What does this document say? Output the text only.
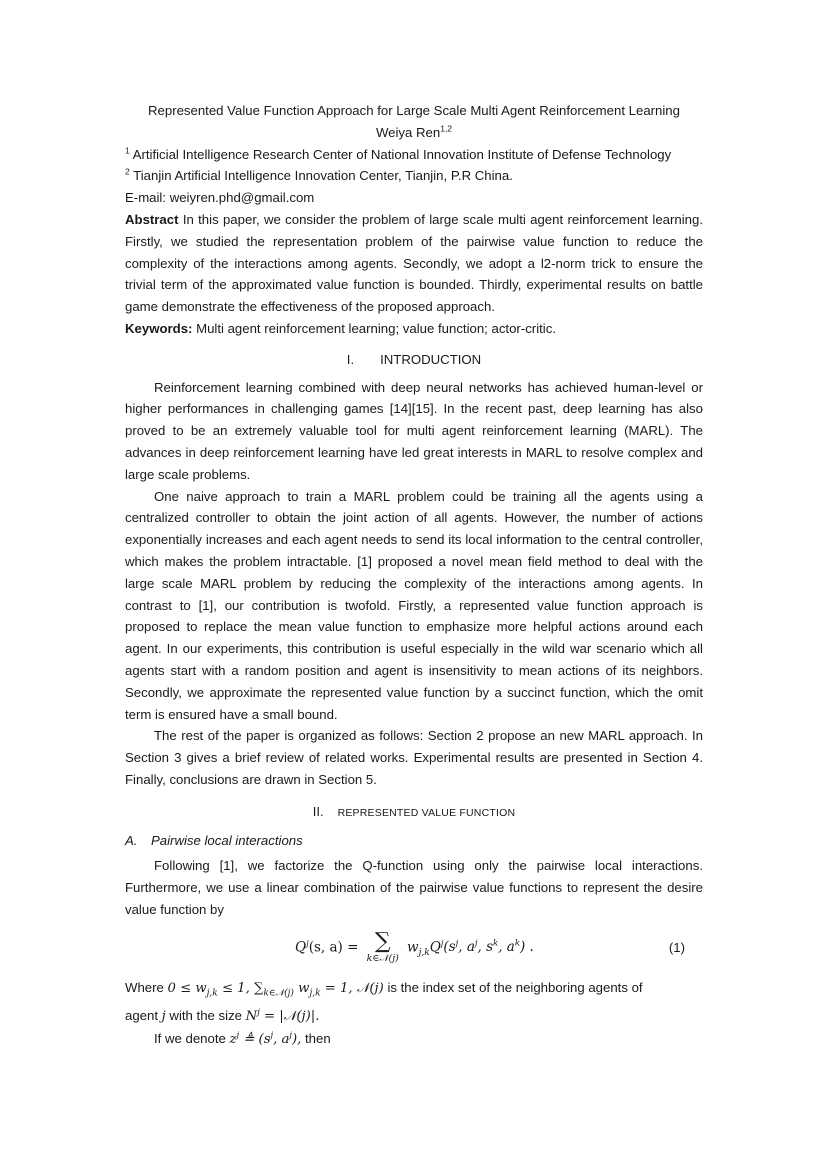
Represented Value Function Approach for Large Scale Multi Agent Reinforcement Learning

Weiya Ren$^{1,2}$

$^1$ Artificial Intelligence Research Center of National Innovation Institute of Defense Technology

$^2$ Tianjin Artificial Intelligence Innovation Center, Tianjin, P.R China.

E-mail: weiyren.phd@gmail.com

Abstract In this paper, we consider the problem of large scale multi agent reinforcement learning. Firstly, we studied the representation problem of the pairwise value function to reduce the complexity of the interactions among agents. Secondly, we adopt a l2-norm trick to ensure the trivial term of the approximated value function is bounded. Thirdly, experimental results on battle game demonstrate the effectiveness of the proposed approach.

Keywords: Multi agent reinforcement learning; value function; actor-critic.

I. INTRODUCTION

Reinforcement learning combined with deep neural networks has achieved human-level or higher performances in challenging games [14][15]. In the recent past, deep learning has also proved to be an extremely valuable tool for multi agent reinforcement learning (MARL). The advances in deep reinforcement learning have led great interests in MARL to resolve complex and large scale problems.

One naive approach to train a MARL problem could be training all the agents using a centralized controller to obtain the joint action of all agents. However, the number of actions exponentially increases and each agent needs to send its local information to the central controller, which makes the problem intractable. [1] proposed a novel mean field method to deal with the large scale MARL problem by reducing the complexity of the interactions among agents. In contrast to [1], our contribution is twofold. Firstly, a represented value function approach is proposed to replace the mean value function to emphasize more helpful actions around each agent. In our experiments, this contribution is useful especially in the wild war scenario which all agents start with a random position and agent is insensitivity to mean actions of its neighbors. Secondly, we approximate the represented value function by a succinct function, which the omit term is ensured have a small bound.

The rest of the paper is organized as follows: Section 2 propose an new MARL approach. In Section 3 gives a brief review of related works. Experimental results are presented in Section 4. Finally, conclusions are drawn in Section 5.

II. REPRESENTED VALUE FUNCTION

A. Pairwise local interactions

Following [1], we factorize the Q-function using only the pairwise local interactions. Furthermore, we use a linear combination of the pairwise value functions to represent the desire value function by

$Q^j(s$, a) = ∑
k∈𝒩(j)
$w_{j,k}Q^j(s^j$, $a^j$, $s^k$, $a^k$) .	(1)

Where $0 \le w_{j,k} \le 1$, $\sum_{k\in 𝒩(j)}$ $w_{j,k} = 1$, 𝒩(j) is the index set of the neighboring agents of

agent j with the size $N^j$ = |𝒩(j)|.

If we denote $z^j$ ≜ ($s^j$, $a^j$), then
